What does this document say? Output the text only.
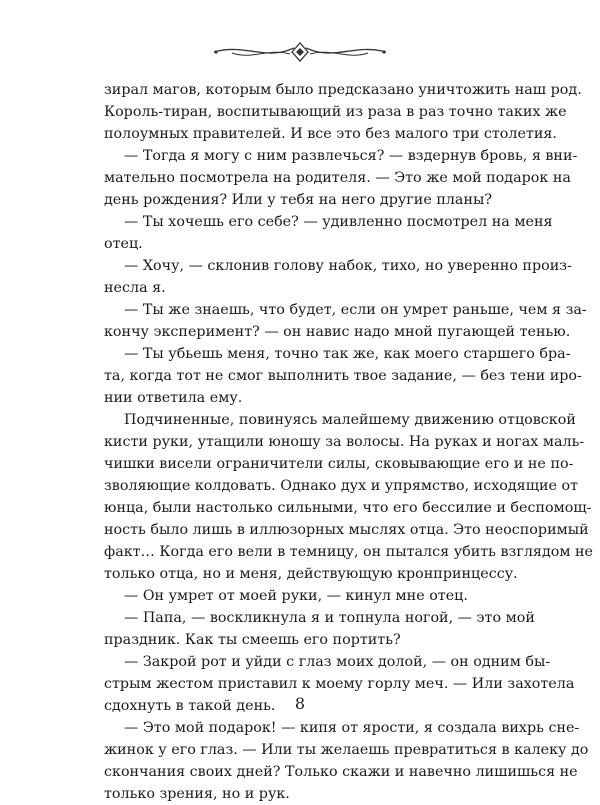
зирал магов, которым было предсказано уничтожить наш род.
Король-тиран, воспитывающий из раза в раз точно таких же
полоумных правителей. И все это без малого три столетия.
— Тогда я могу с ним развлечься? — вздернув бровь, я вни-
мательно посмотрела на родителя. — Это же мой подарок на
день рождения? Или у тебя на него другие планы?
— Ты хочешь его себе? — удивленно посмотрел на меня
отец.
— Хочу, — склонив голову набок, тихо, но уверенно произ-
несла я.
— Ты же знаешь, что будет, если он умрет раньше, чем я за-
кончу эксперимент? — он навис надо мной пугающей тенью.
— Ты убьешь меня, точно так же, как моего старшего бра-
та, когда тот не смог выполнить твое задание, — без тени иро-
нии ответила ему.
Подчиненные, повинуясь малейшему движению отцовской
кисти руки, утащили юношу за волосы. На руках и ногах маль-
чишки висели ограничители силы, сковывающие его и не по-
зволяющие колдовать. Однако дух и упрямство, исходящие от
юнца, были настолько сильными, что его бессилие и беспомощ-
ность было лишь в иллюзорных мыслях отца. Это неоспоримый
факт… Когда его вели в темницу, он пытался убить взглядом не
только отца, но и меня, действующую кронпринцессу.
— Он умрет от моей руки, — кинул мне отец.
— Папа, — воскликнула я и топнула ногой, — это мой
праздник. Как ты смеешь его портить?
— Закрой рот и уйди с глаз моих долой, — он одним бы-
стрым жестом приставил к моему горлу меч. — Или захотела
сдохнуть в такой день.
— Это мой подарок! — кипя от ярости, я создала вихрь сне-
жинок у его глаз. — Или ты желаешь превратиться в калеку до
скончания своих дней? Только скажи и навечно лишишься не
только зрения, но и рук.
8
